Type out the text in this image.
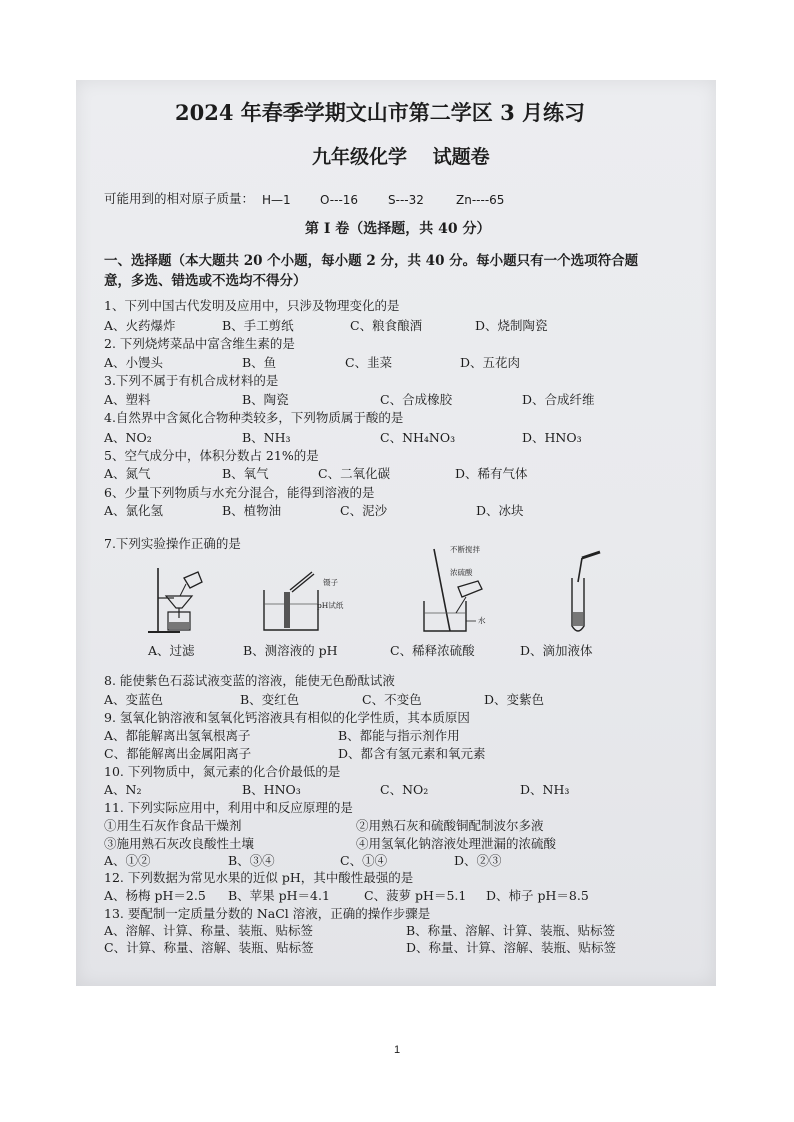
2024 年春季学期文山市第二学区 3 月练习
九年级化学　 试题卷
可能用到的相对原子质量： H—1 O---16 S---32	Zn----65
第 I 卷（选择题，共 40 分）
一、选择题（本大题共 20 个小题，每小题 2 分，共 40 分。每小题只有一个选项符合题
意，多选、错选或不选均不得分）
1、下列中国古代发明及应用中，只涉及物理变化的是
A、火药爆炸	B、手工剪纸	C、粮食酿酒	D、烧制陶瓷
2. 下列烧烤菜品中富含维生素的是
A、小馒头	B、鱼	C、韭菜	D、五花肉
3.下列不属于有机合成材料的是
A、塑料	B、陶瓷	C、合成橡胶	D、合成纤维
4.自然界中含氮化合物种类较多，下列物质属于酸的是
A、NO₂	B、NH₃	C、NH₄NO₃	D、HNO₃
5、空气成分中，体积分数占 21%的是
A、氮气	B、氧气	C、二氧化碳	D、稀有气体
6、少量下列物质与水充分混合，能得到溶液的是
A、氯化氢	B、植物油	C、泥沙	D、冰块
7.下列实验操作正确的是
A、过滤
镊子
pH试纸
B、测溶液的 pH
不断搅拌
浓硫酸
水
C、稀释浓硫酸	D、滴加液体
8. 能使紫色石蕊试液变蓝的溶液，能使无色酚酞试液
A、变蓝色	B、变红色	C、不变色	D、变紫色
9. 氢氧化钠溶液和氢氧化钙溶液具有相似的化学性质，其本质原因
A、都能解离出氢氧根离子	B、都能与指示剂作用
C、都能解离出金属阳离子	D、都含有氢元素和氧元素
10. 下列物质中，氮元素的化合价最低的是
A、N₂	B、HNO₃	C、NO₂	D、NH₃
11. 下列实际应用中，利用中和反应原理的是
①用生石灰作食品干燥剂	②用熟石灰和硫酸铜配制波尔多液
③施用熟石灰改良酸性土壤	④用氢氧化钠溶液处理泄漏的浓硫酸
A、①②	B、③④	C、①④	D、②③
12. 下列数据为常见水果的近似 pH，其中酸性最强的是
A、杨梅 pH＝2.5 B、苹果 pH＝4.1	C、菠萝 pH＝5.1 D、柿子 pH＝8.5
13. 要配制一定质量分数的 NaCl 溶液，正确的操作步骤是
A、溶解、计算、称量、装瓶、贴标签	B、称量、溶解、计算、装瓶、贴标签
C、计算、称量、溶解、装瓶、贴标签	D、称量、计算、溶解、装瓶、贴标签
1
